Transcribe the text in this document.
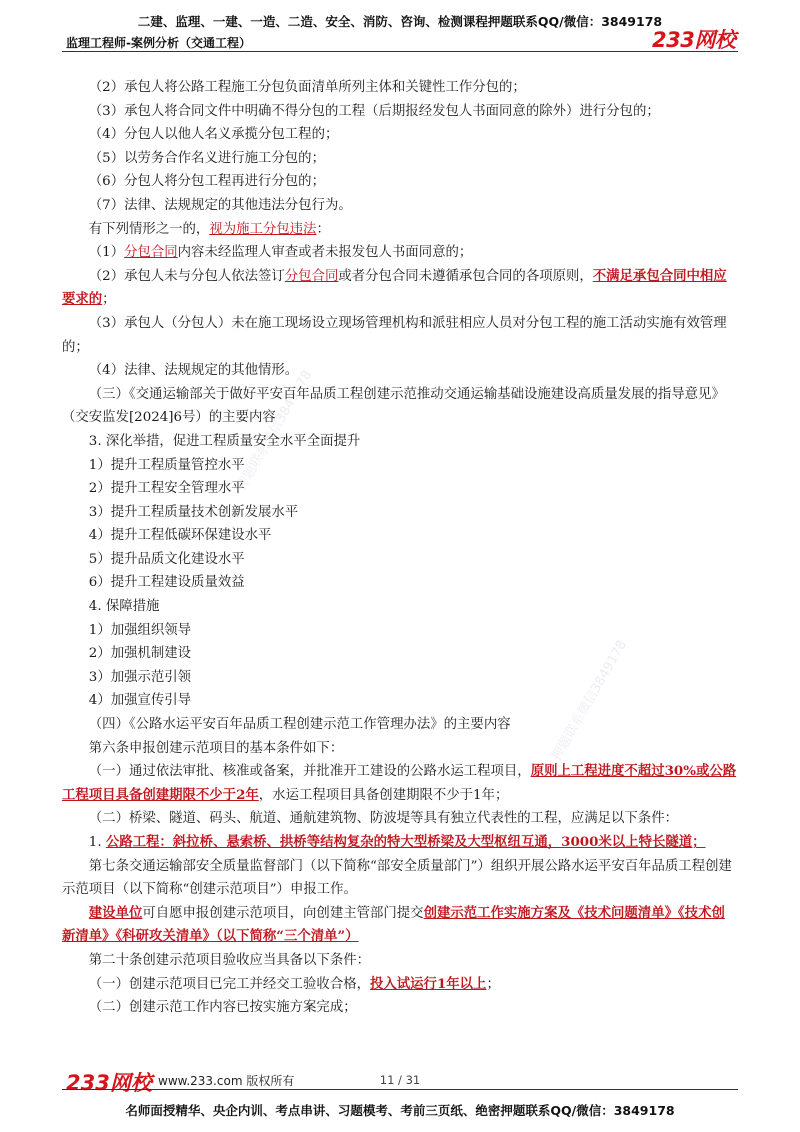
二建、监理、一建、一造、二造、安全、消防、咨询、检测课程押题联系QQ/微信：3849178
监理工程师-案例分析（交通工程）	233网校
押题联系微信3849178
押题联系微信3849178

（2）承包人将公路工程施工分包负面清单所列主体和关键性工作分包的；

（3）承包人将合同文件中明确不得分包的工程（后期报经发包人书面同意的除外）进行分包的；

（4）分包人以他人名义承揽分包工程的；

（5）以劳务合作名义进行施工分包的；

（6）分包人将分包工程再进行分包的；

（7）法律、法规规定的其他违法分包行为。

有下列情形之一的，视为施工分包违法：

（1）分包合同内容未经监理人审查或者未报发包人书面同意的；

（2）承包人未与分包人依法签订分包合同或者分包合同未遵循承包合同的各项原则，不满足承包合同中相应要求的；

（3）承包人（分包人）未在施工现场设立现场管理机构和派驻相应人员对分包工程的施工活动实施有效管理的；

（4）法律、法规规定的其他情形。

（三）《交通运输部关于做好平安百年品质工程创建示范推动交通运输基础设施建设高质量发展的指导意见》（交安监发[2024]6号）的主要内容

3. 深化举措，促进工程质量安全水平全面提升

1）提升工程质量管控水平

2）提升工程安全管理水平

3）提升工程质量技术创新发展水平

4）提升工程低碳环保建设水平

5）提升品质文化建设水平

6）提升工程建设质量效益

4. 保障措施

1）加强组织领导

2）加强机制建设

3）加强示范引领

4）加强宣传引导

（四）《公路水运平安百年品质工程创建示范工作管理办法》的主要内容

第六条申报创建示范项目的基本条件如下：

（一）通过依法审批、核准或备案，并批准开工建设的公路水运工程项目，原则上工程进度不超过30%或公路工程项目具备创建期限不少于2年，水运工程项目具备创建期限不少于1年；

（二）桥梁、隧道、码头、航道、通航建筑物、防波堤等具有独立代表性的工程，应满足以下条件：

1. 公路工程：斜拉桥、悬索桥、拱桥等结构复杂的特大型桥梁及大型枢纽互通，3000米以上特长隧道；

第七条交通运输部安全质量监督部门（以下简称“部安全质量部门”）组织开展公路水运平安百年品质工程创建示范项目（以下简称“创建示范项目”）申报工作。

建设单位可自愿申报创建示范项目，向创建主管部门提交创建示范工作实施方案及《技术问题清单》《技术创新清单》《科研攻关清单》（以下简称“三个清单”）

第二十条创建示范项目验收应当具备以下条件：

（一）创建示范项目已完工并经交工验收合格，投入试运行1年以上；

（二）创建示范工作内容已按实施方案完成；

233网校 www.233.com 版权所有	11 / 31
名师面授精华、央企内训、考点串讲、习题模考、考前三页纸、绝密押题联系QQ/微信：3849178
